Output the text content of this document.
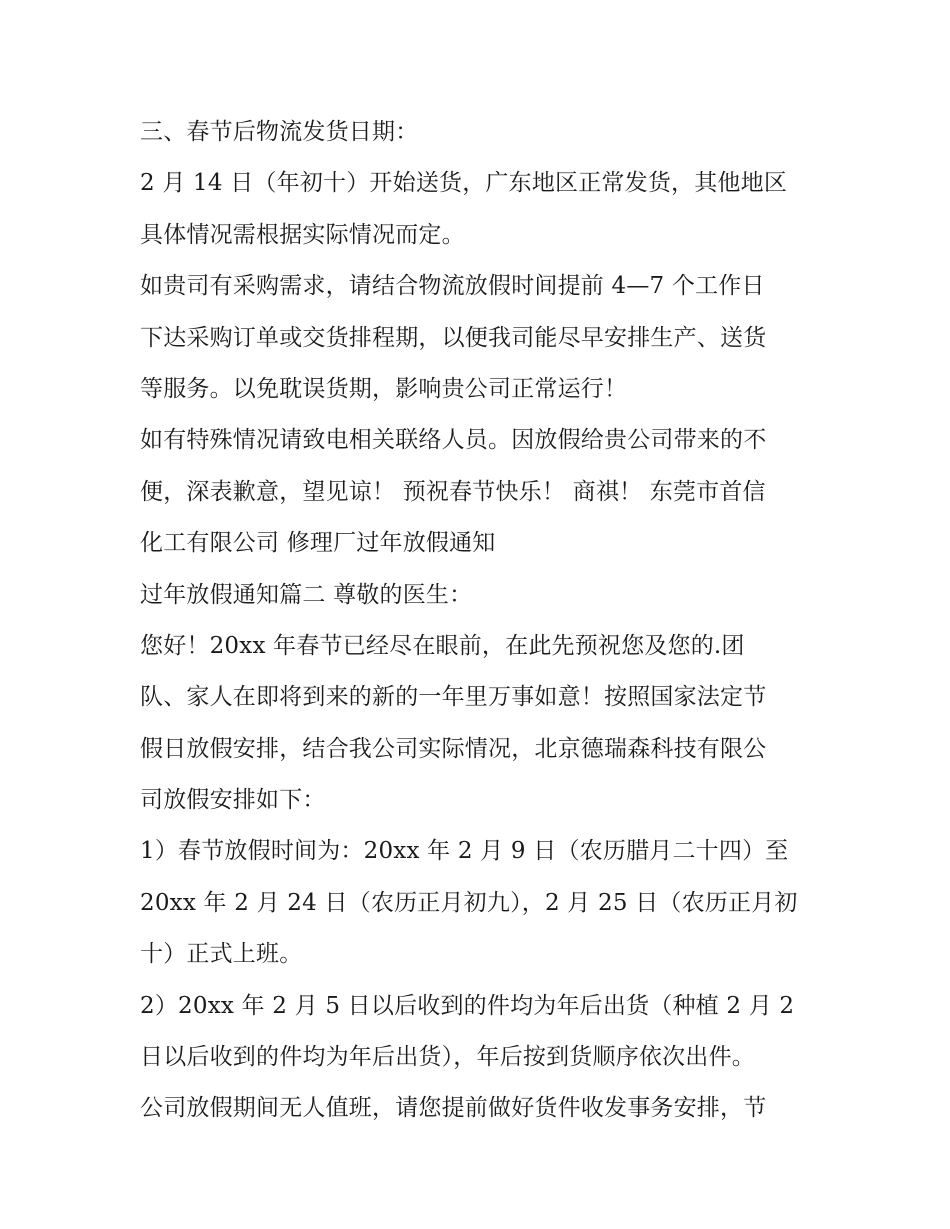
三、春节后物流发货日期：
2 月 14 日（年初十）开始送货，广东地区正常发货，其他地区
具体情况需根据实际情况而定。
如贵司有采购需求，请结合物流放假时间提前 4—7 个工作日
下达采购订单或交货排程期，以便我司能尽早安排生产、送货
等服务。以免耽误货期，影响贵公司正常运行！
如有特殊情况请致电相关联络人员。因放假给贵公司带来的不
便，深表歉意，望见谅！ 预祝春节快乐！ 商祺！ 东莞市首信
化工有限公司 修理厂过年放假通知
过年放假通知篇二 尊敬的医生：
您好！20xx 年春节已经尽在眼前，在此先预祝您及您的.团
队、家人在即将到来的新的一年里万事如意！按照国家法定节
假日放假安排，结合我公司实际情况，北京德瑞森科技有限公
司放假安排如下：
1）春节放假时间为：20xx 年 2 月 9 日（农历腊月二十四）至
20xx 年 2 月 24 日（农历正月初九），2 月 25 日（农历正月初
十）正式上班。
2）20xx 年 2 月 5 日以后收到的件均为年后出货（种植 2 月 2
日以后收到的件均为年后出货），年后按到货顺序依次出件。
公司放假期间无人值班，请您提前做好货件收发事务安排，节
